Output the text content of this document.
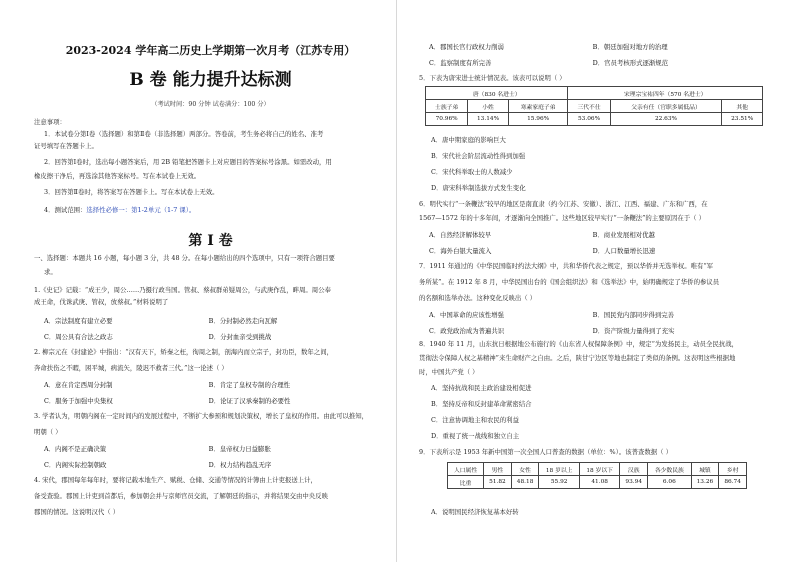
2023-2024 学年高二历史上学期第一次月考（江苏专用）
B 卷 能力提升达标测
（考试时间：90 分钟 试卷满分：100 分）
注意事项：
1．本试卷分第Ⅰ卷（选择题）和第Ⅱ卷（非选择题）两部分。答卷前，考生务必将自己的姓名、准考
证号填写在答题卡上。
2．回答第Ⅰ卷时，选出每小题答案后，用 2B 铅笔把答题卡上对应题目的答案标号涂黑。如需改动，用
橡皮擦干净后，再选涂其他答案标号。写在本试卷上无效。
3．回答第Ⅱ卷时，将答案写在答题卡上。写在本试卷上无效。
4．测试范围：选择性必修一：第1-2单元（1-7 课）。
第 Ⅰ 卷
一、选择题：本题共 16 小题，每小题 3 分，共 48 分。在每小题给出的四个选项中，只有一项符合题目要
求。
1.《史记》记载：“成王少，周公……乃摄行政当国。管叔、蔡叔群弟疑周公，与武庚作乱，畔周。周公奉
成王命，伐诛武庚、管叔，放蔡叔。”材料说明了
A．宗法制度有建立必要	B．分封制必然走向瓦解
C．周公具有合法之政志	D．分封血亲受到挑战
2. 柳宗元在《封建论》中指出：“汉有天下，矫秦之枉，徇周之制，剖海内而立宗子，封功臣，数年之间，
奔命扶伤之不暇，困平城，病流矢，陵迟不救者三代。”这一论述（ ）
A．意在肯定西周分封制	B．肯定了皇权专制的合理性
C．服务于加强中央集权	D．论证了汉承秦制的必要性
3. 学者认为，明朝内阁在一定时间内的发展过程中，不断扩大参预和规划决策权，增长了皇权的作用。由此可以推知，
明朝（ ）
A．内阁不是正确决策	B．皇帝权力日益膨胀
C．内阁实际控制朝政	D．权力结构趋乱无序
4. 宋代，郡国每年每年时，要将记载本地生产、赋税、仓储、交通等情况的计簿由上计吏报送上计，
备受查验。郡国上计吏到首都后，参加朝会并与京师官员交流，了解朝廷的指示，并将结果交由中央反映
郡国的情况。这说明汉代（ ）
A．郡国长官行政权力削弱	B．朝廷加强对地方的治理
C．监察制度有所完善	D．官员考核形式逐渐规范
5．下表为唐宋进士统计情况表。该表可以说明（ ）
唐（830 名进士）			宋理宗宝祐四年（570 名进士）		
士族子弟	小姓	寒素家庭子弟	三代不仕	父亲有任（官职多属低品）	其他
70.96%	13.14%	15.96%	53.06%	22.63%	23.51%
A．唐中期家庭的影响巨大
B．宋代社会阶层流动性得到加强
C．宋代科举取士的人数减少
D．唐宋科举制选拔方式发生变化
6．明代实行“一条鞭法”较早的地区是南直隶（约今江苏、安徽）、浙江、江西、福建、广东和广西，在
1567—1572 年的十多年间，才逐渐向全国推广。这些地区较早实行“一条鞭法”的主要原因在于（ ）
A．自然经济解体较早	B．商业发展相对优越
C．海外白银大量流入	D．人口数量增长迅速
7．1911 年通过的《中华民国临时约法大纲》中，共和华侨代表之规定，预以华侨并无选举权。唯有“军
务所某”。在 1912 年 8 月，中华民国出台的《国会组织法》和《选举法》中，始明确规定了华侨的参议员
的名额和选举办法。这种变化反映出（ ）
A．中国革命的应该性增强	B．国民党内部同步得到完善
C．政党政治成为普遍共识	D．资产阶级力量得到了充实
8．1940 年 11 月，山东抗日根据地公布施行的《山东省人权保障条例》中，规定“为发扬民主，动员全民抗战，
贯彻法令保障人权之基精神”来生命财产之自由。之后，陕甘宁边区等地也制定了类似的条例。这表明这些根据地
时，中国共产党（ ）
A．坚持抗战和民主政治建设相促进
B．坚持反帝和反封建革命紧密结合
C．注意协调地主和农民的利益
D．重视了统一战线和独立自主
9．下表所示是 1953 年新中国第一次全国人口普查的数据（单位：%）。该普查数据（ ）
人口属性	男性	女性	18 岁以上	18 岁以下	汉族	各少数民族	城镇	乡村
比重	51.82	48.18	55.92	41.08	93.94	6.06	13.26	86.74
A．说明国民经济恢复基本好转
